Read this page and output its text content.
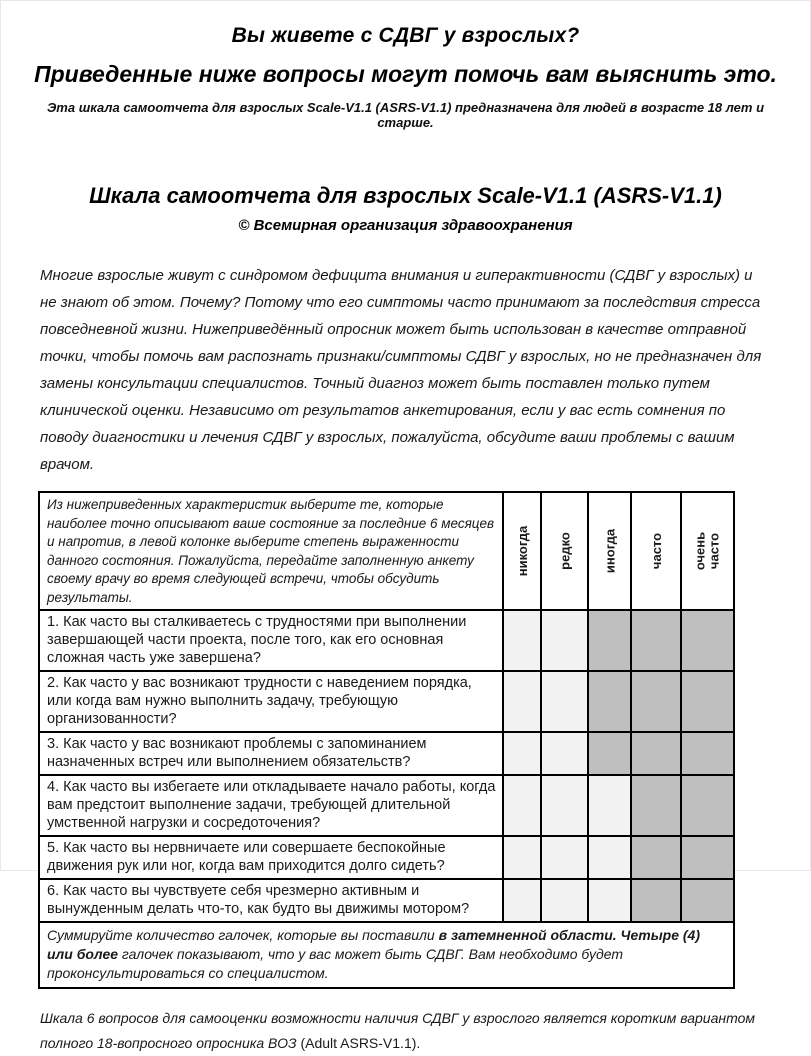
Вы живете с СДВГ у взрослых?
Приведенные ниже вопросы могут помочь вам выяснить это.
Эта шкала самоотчета для взрослых Scale-V1.1 (ASRS-V1.1) предназначена для людей в возрасте 18 лет и старше.
Шкала самоотчета для взрослых Scale-V1.1 (ASRS-V1.1)
© Всемирная организация здравоохранения
Многие взрослые живут с синдромом дефицита внимания и гиперактивности (СДВГ у взрослых) и не знают об этом. Почему? Потому что его симптомы часто принимают за последствия стресса повседневной жизни. Нижеприведённый опросник может быть использован в качестве отправной точки, чтобы помочь вам распознать признаки/симптомы СДВГ у взрослых, но не предназначен для замены консультации специалистов. Точный диагноз может быть поставлен только путем клинической оценки. Независимо от результатов анкетирования, если у вас есть сомнения по поводу диагностики и лечения СДВГ у взрослых, пожалуйста, обсудите ваши проблемы с вашим врачом.
Из нижеприведенных характеристик выберите те, которые наиболее точно описывают ваше состояние за последние 6 месяцев и напротив, в левой колонке выберите степень выраженности данного состояния. Пожалуйста, передайте заполненную анкету своему врачу во время следующей встречи, чтобы обсудить результаты.	никогда	редко	иногда	часто	очень часто

1. Как часто вы сталкиваетесь с трудностями при выполнении завершающей части проекта, после того, как его основная сложная часть уже завершена?					
2. Как часто у вас возникают трудности с наведением порядка, или когда вам нужно выполнить задачу, требующую организованности?					
3. Как часто у вас возникают проблемы с запоминанием назначенных встреч или выполнением обязательств?					
4. Как часто вы избегаете или откладываете начало работы, когда вам предстоит выполнение задачи, требующей длительной умственной нагрузки и сосредоточения?					
5. Как часто вы нервничаете или совершаете беспокойные движения рук или ног, когда вам приходится долго сидеть?					
6. Как часто вы чувствуете себя чрезмерно активным и вынужденным делать что-то, как будто вы движимы мотором?					
Суммируйте количество галочек, которые вы поставили в затемненной области. Четыре (4) или более галочек показывают, что у вас может быть СДВГ. Вам необходимо будет проконсультироваться со специалистом.					
Шкала 6 вопросов для самооценки возможности наличия СДВГ у взрослого является коротким вариантом полного 18-вопросного опросника ВОЗ (Adult ASRS-V1.1).
